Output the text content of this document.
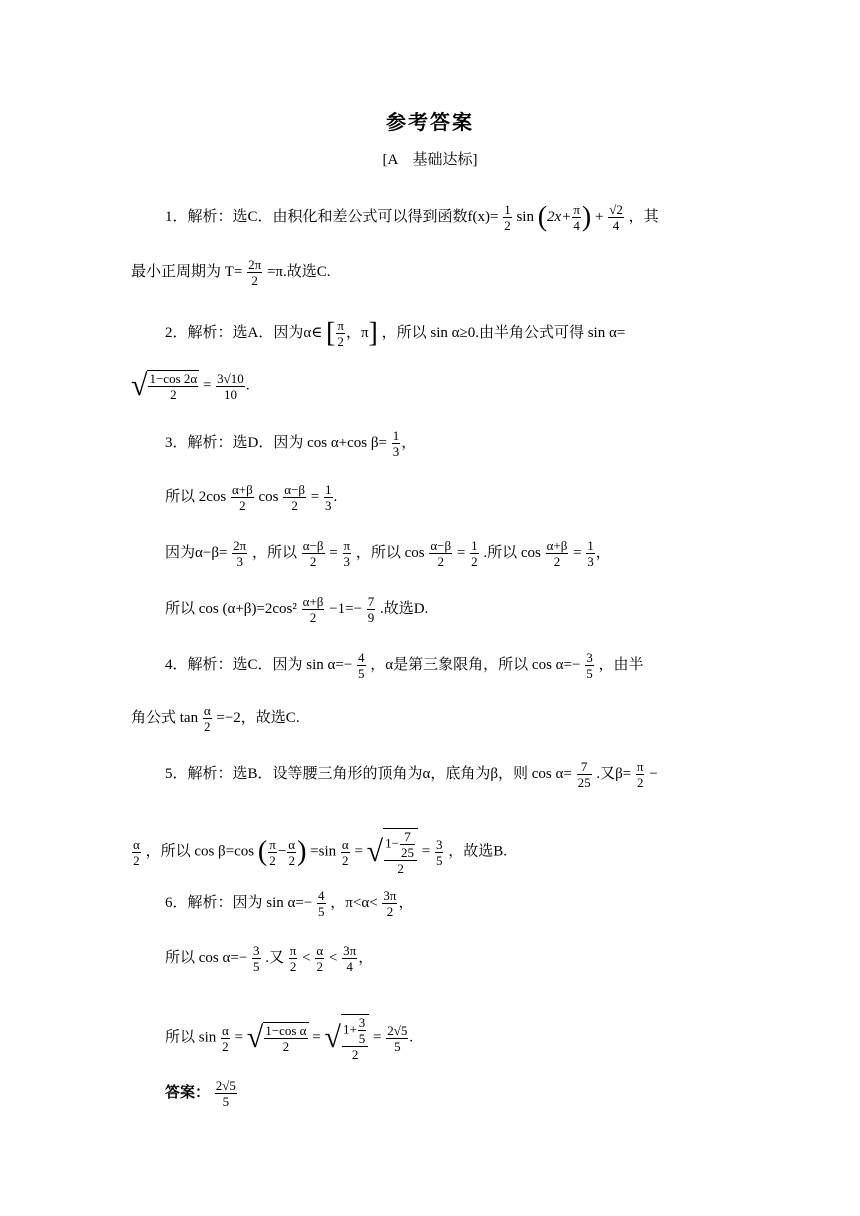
参考答案
[A　基础达标]
1．解析：选C．由积化和差公式可以得到函数$f(x)= \frac{1}{2}$ $\sin (2x+ \frac{\pi}{4}$ ) + $\frac{√2}{4}$ ，其
最小正周期为 $T= \frac{2\pi}{2} =\pi$.故选C.
2．解析：选A．因为α∈ [ $\frac{\pi}{2}$ ，π] ，所以 sin α≥0.由半角公式可得 sin α=
√ $\frac{1-\cos 2\alpha}{2} = \frac{3√10}{10}$ .
3．解析：选D．因为 cos α+cos $\beta= \frac{1}{3}$ ，
所以 $2\cos \frac{\alpha+\beta}{2}$ $\cos \frac{\alpha-\beta}{2} = \frac{1}{3}$ .
因为$\alpha-\beta= \frac{2\pi}{3}$ ，所以 $\frac{\alpha-\beta}{2} = \frac{\pi}{3}$ ，所以 $\cos \frac{\alpha-\beta}{2} = \frac{1}{2}$ .所以 $\cos \frac{\alpha+\beta}{2} = \frac{1}{3}$ ，
所以 $\cos (\alpha+\beta)=2\cos^2 \frac{\alpha+\beta}{2} -1=- \frac{7}{9}$ .故选D.
4．解析：选C．因为 $\sin \alpha=- \frac{4}{5}$ ，α是第三象限角，所以 $\cos \alpha=- \frac{3}{5}$ ，由半
角公式 $\tan \frac{\alpha}{2} =-2$，故选C.
5．解析：选B．设等腰三角形的顶角为α，底角为β，则 $\cos \alpha= \frac{7}{25}$ .又$\beta= \frac{\pi}{2}$ −
$\frac{\alpha}{2}$ ，所以 cos β=cos ( $\frac{\pi}{2} - \frac{\alpha}{2}$ ) $=\sin \frac{\alpha}{2}$ = √ $\frac{1- \frac{7}{25}}{2} = \frac{3}{5}$ ，故选B.
6．解析：因为 $\sin \alpha=- \frac{4}{5}$ ，$\pi<\alpha< \frac{3\pi}{2}$ ，
所以 $\cos \alpha=- \frac{3}{5}$ .又 $\frac{\pi}{2} < \frac{\alpha}{2} < \frac{3\pi}{4}$ ，
所以 $\sin \frac{\alpha}{2}$ = √ $\frac{\text{1−cos α}}{2}$ = √ $\frac{1+ \frac{3}{5}}{2} = \frac{2√5}{5}$ .
答案： $\frac{2√5}{5}$
